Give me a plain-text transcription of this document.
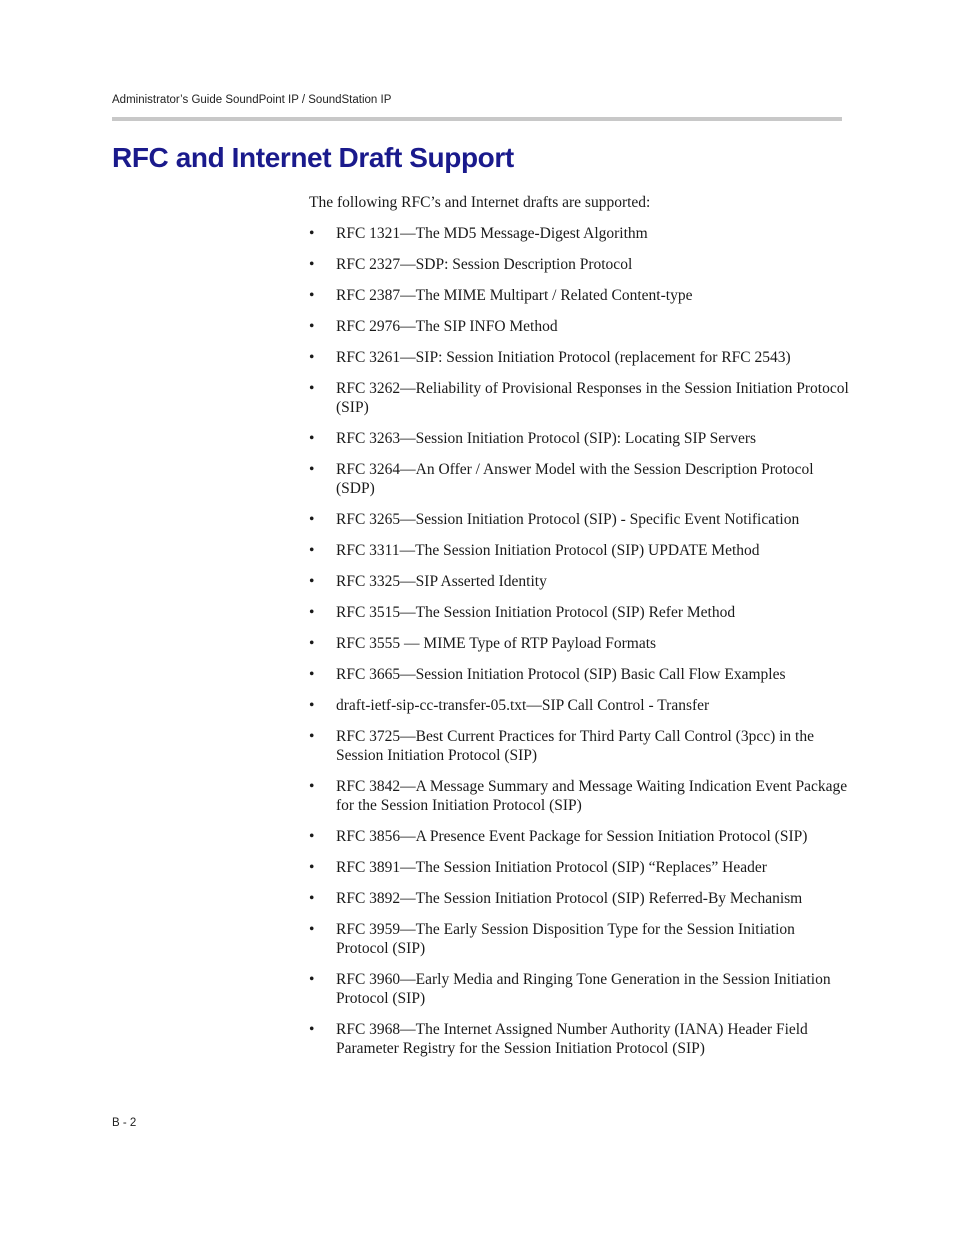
Administrator’s Guide SoundPoint IP / SoundStation IP
RFC and Internet Draft Support

The following RFC’s and Internet drafts are supported:

• RFC 1321—The MD5 Message-Digest Algorithm
• RFC 2327—SDP: Session Description Protocol
• RFC 2387—The MIME Multipart / Related Content-type
• RFC 2976—The SIP INFO Method
• RFC 3261—SIP: Session Initiation Protocol (replacement for RFC 2543)
• RFC 3262—Reliability of Provisional Responses in the Session Initiation Protocol (SIP)
• RFC 3263—Session Initiation Protocol (SIP): Locating SIP Servers
• RFC 3264—An Offer / Answer Model with the Session Description Protocol (SDP)
• RFC 3265—Session Initiation Protocol (SIP) - Specific Event Notification
• RFC 3311—The Session Initiation Protocol (SIP) UPDATE Method
• RFC 3325—SIP Asserted Identity
• RFC 3515—The Session Initiation Protocol (SIP) Refer Method
• RFC 3555 — MIME Type of RTP Payload Formats
• RFC 3665—Session Initiation Protocol (SIP) Basic Call Flow Examples
• draft-ietf-sip-cc-transfer-05.txt—SIP Call Control - Transfer
• RFC 3725—Best Current Practices for Third Party Call Control (3pcc) in the Session Initiation Protocol (SIP)
• RFC 3842—A Message Summary and Message Waiting Indication Event Package for the Session Initiation Protocol (SIP)
• RFC 3856—A Presence Event Package for Session Initiation Protocol (SIP)
• RFC 3891—The Session Initiation Protocol (SIP) “Replaces” Header
• RFC 3892—The Session Initiation Protocol (SIP) Referred-By Mechanism
• RFC 3959—The Early Session Disposition Type for the Session Initiation Protocol (SIP)
• RFC 3960—Early Media and Ringing Tone Generation in the Session Initiation Protocol (SIP)
• RFC 3968—The Internet Assigned Number Authority (IANA) Header Field Parameter Registry for the Session Initiation Protocol (SIP)
B - 2
